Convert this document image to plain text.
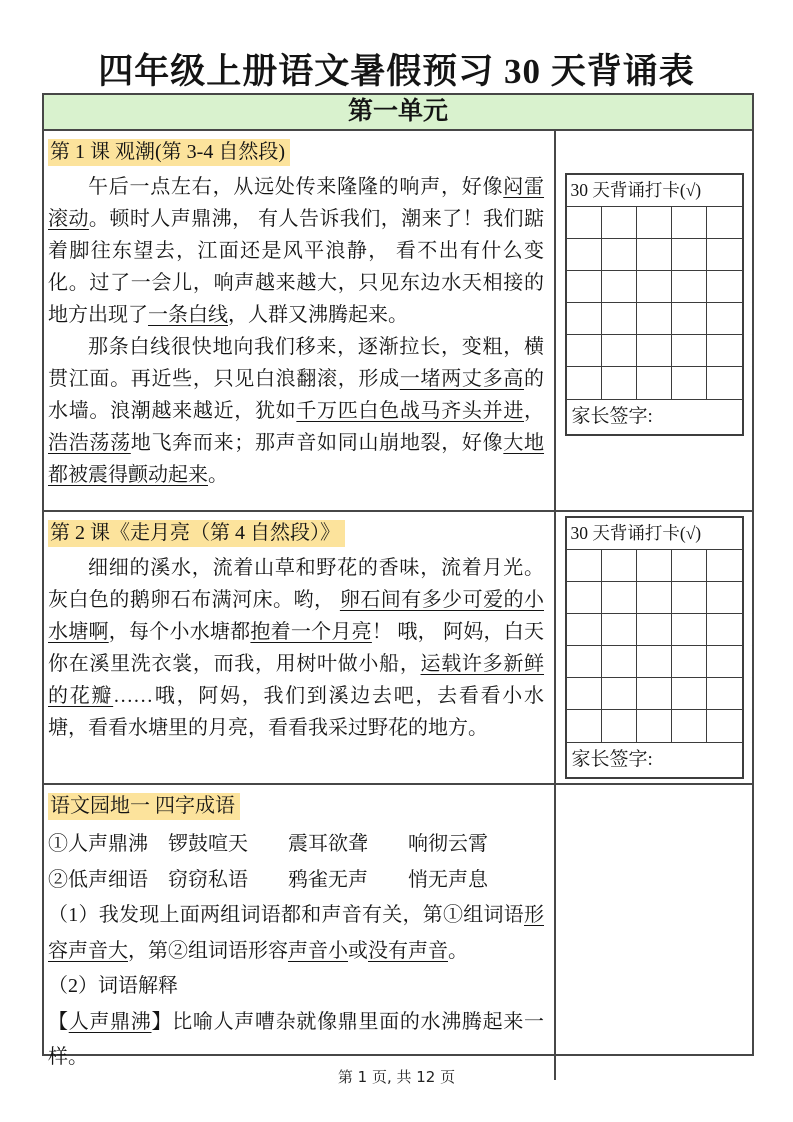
四年级上册语文暑假预习 30 天背诵表
第一单元
第 1 课 观潮(第 3-4 自然段)

午后一点左右，从远处传来隆隆的响声，好像闷雷滚动。顿时人声鼎沸， 有人告诉我们，潮来了！我们踮着脚往东望去，江面还是风平浪静， 看不出有什么变化。过了一会儿，响声越来越大，只见东边水天相接的地方出现了一条白线，人群又沸腾起来。

那条白线很快地向我们移来，逐渐拉长，变粗，横贯江面。再近些，只见白浪翻滚，形成一堵两丈多高的水墙。浪潮越来越近，犹如千万匹白色战马齐头并进，浩浩荡荡地飞奔而来；那声音如同山崩地裂，好像大地都被震得颤动起来。

30 天背诵打卡(√)
家长签字:
第 2 课《走月亮（第 4 自然段）》

细细的溪水，流着山草和野花的香味，流着月光。灰白色的鹅卵石布满河床。哟， 卵石间有多少可爱的小水塘啊，每个小水塘都抱着一个月亮！ 哦， 阿妈，白天你在溪里洗衣裳，而我，用树叶做小船，运载许多新鲜的花瓣……哦，阿妈，我们到溪边去吧，去看看小水塘，看看水塘里的月亮，看看我采过野花的地方。

30 天背诵打卡(√)
家长签字:
语文园地一 四字成语

①人声鼎沸　锣鼓喧天　　震耳欲聋　　响彻云霄

②低声细语　窃窃私语　　鸦雀无声　　悄无声息

（1）我发现上面两组词语都和声音有关，第①组词语形容声音大，第②组词语形容声音小或没有声音。

（2）词语解释

【人声鼎沸】比喻人声嘈杂就像鼎里面的水沸腾起来一样。

第 1 页, 共 12 页
